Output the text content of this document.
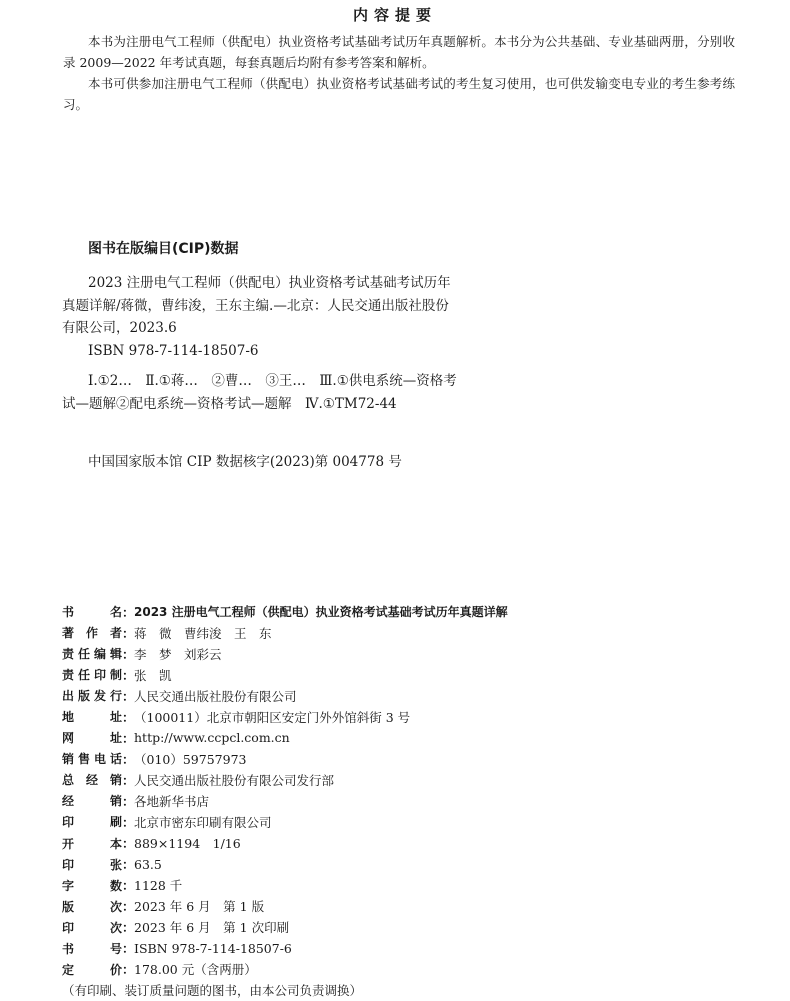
内容提要

本书为注册电气工程师（供配电）执业资格考试基础考试历年真题解析。本书分为公共基础、专业基础两册，分别收录 2009—2022 年考试真题，每套真题后均附有参考答案和解析。

本书可供参加注册电气工程师（供配电）执业资格考试基础考试的考生复习使用，也可供发输变电专业的考生参考练习。

图书在版编目(CIP)数据

2023 注册电气工程师（供配电）执业资格考试基础考试历年真题详解/蒋微，曹纬浚，王东主编.—北京：人民交通出版社股份有限公司，2023.6

ISBN 978-7-114-18507-6

Ⅰ.①2…　Ⅱ.①蒋…　②曹…　③王…　Ⅲ.①供电系统—资格考试—题解②配电系统—资格考试—题解　Ⅳ.①TM72-44

中国国家版本馆 CIP 数据核字(2023)第 004778 号

书	名 ： 2023 注册电气工程师（供配电）执业资格考试基础考试历年真题详解
著 作 者 ： 蒋　微　曹纬浚　王　东
责 任 编 辑 ： 李　梦　刘彩云
责 任 印 制 ： 张　凯
出 版 发 行 ： 人民交通出版社股份有限公司
地	址 ： （100011）北京市朝阳区安定门外外馆斜街 3 号
网	址 ： http://www.ccpcl.com.cn
销 售 电 话 ： （010）59757973
总 经 销 ： 人民交通出版社股份有限公司发行部
经	销 ： 各地新华书店
印	刷 ： 北京市密东印刷有限公司
开	本 ： 889×1194　1/16
印	张 ： 63.5
字	数 ： 1128 千
版	次 ： 2023 年 6 月　第 1 版
印	次 ： 2023 年 6 月　第 1 次印刷
书	号 ： ISBN 978-7-114-18507-6
定	价 ： 178.00 元（含两册）
（有印刷、装订质量问题的图书，由本公司负责调换）
